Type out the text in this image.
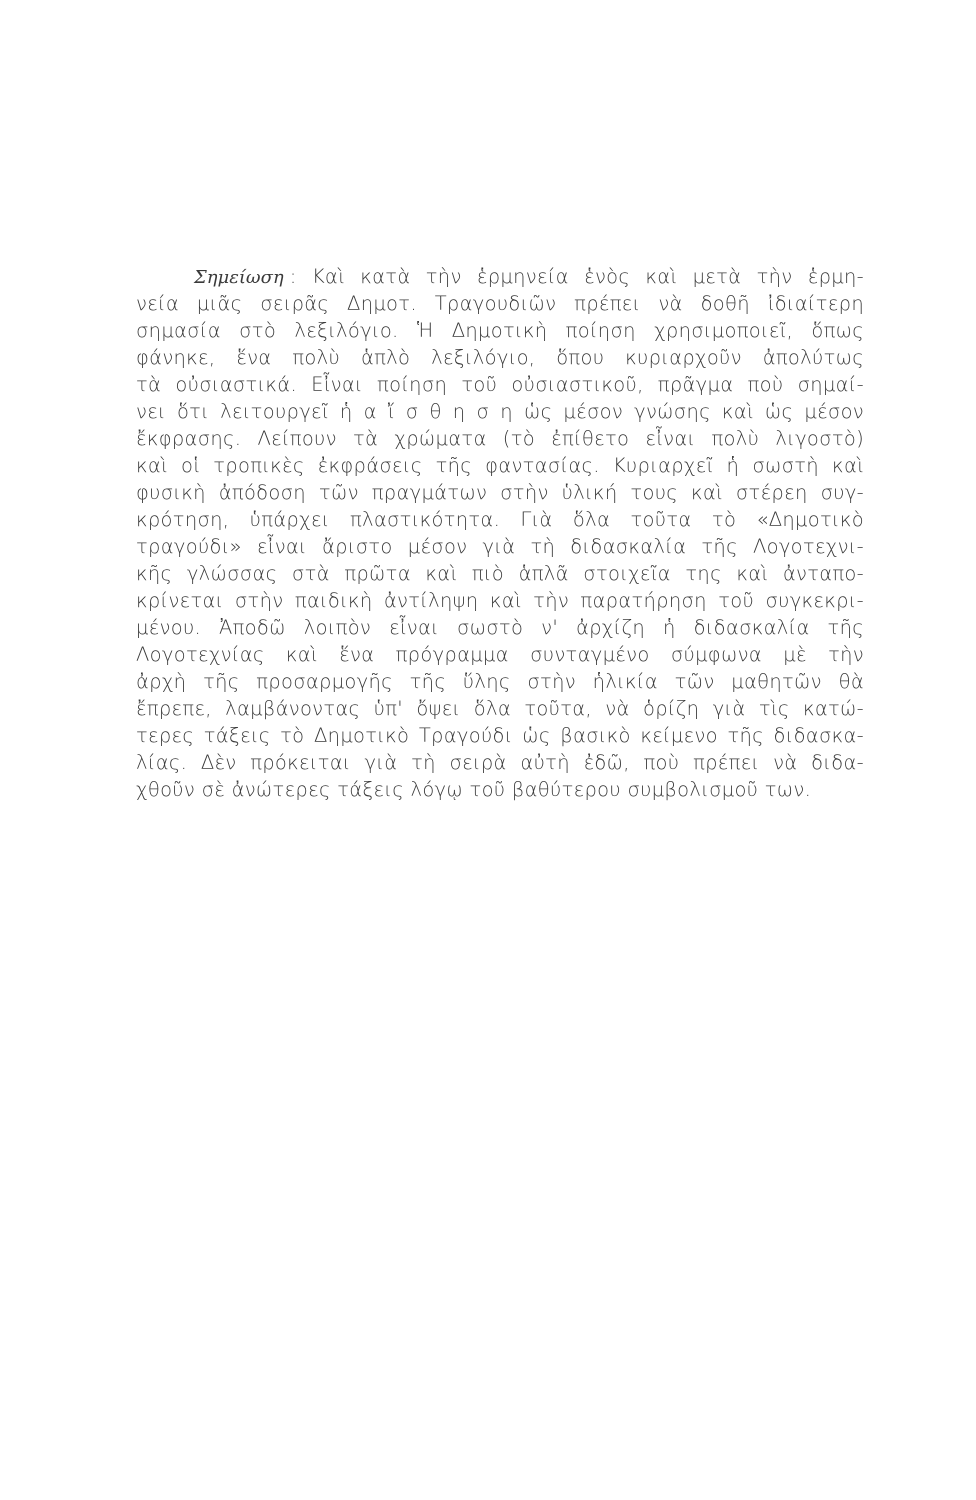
Σημείωση : Καὶ κατὰ τὴν ἑρμηνεία ἑνὸς καὶ μετὰ τὴν ἑρμη-
νεία μιᾶς σειρᾶς Δημοτ. Τραγουδιῶν πρέπει νὰ δοθῆ ἰδιαίτερη
σημασία στὸ λεξιλόγιο. Ἡ Δημοτικὴ ποίηση χρησιμοποιεῖ, ὅπως
φάνηκε, ἕνα πολὺ ἁπλὸ λεξιλόγιο, ὅπου κυριαρχοῦν ἀπολύτως
τὰ οὐσιαστικά. Εἶναι ποίηση τοῦ οὐσιαστικοῦ, πρᾶγμα ποὺ σημαί-
νει ὅτι λειτουργεῖ ἡ α ἴ σ θ η σ η ὡς μέσον γνώσης καὶ ὡς μέσον
ἔκφρασης. Λείπουν τὰ χρώματα (τὸ ἐπίθετο εἶναι πολὺ λιγοστὸ)
καὶ οἱ τροπικὲς ἐκφράσεις τῆς φαντασίας. Κυριαρχεῖ ἡ σωστὴ καὶ
φυσικὴ ἀπόδοση τῶν πραγμάτων στὴν ὑλική τους καὶ στέρεη συγ-
κρότηση, ὑπάρχει πλαστικότητα. Γιὰ ὅλα τοῦτα τὸ «Δημοτικὸ
τραγούδι» εἶναι ἄριστο μέσον γιὰ τὴ διδασκαλία τῆς Λογοτεχνι-
κῆς γλώσσας στὰ πρῶτα καὶ πιὸ ἁπλᾶ στοιχεῖα της καὶ ἀνταπο-
κρίνεται στὴν παιδικὴ ἀντίληψη καὶ τὴν παρατήρηση τοῦ συγκεκρι-
μένου. Ἀποδῶ λοιπὸν εἶναι σωστὸ ν' ἀρχίζη ἡ διδασκαλία τῆς
Λογοτεχνίας καὶ ἕνα πρόγραμμα συνταγμένο σύμφωνα μὲ τὴν
ἀρχὴ τῆς προσαρμογῆς τῆς ὕλης στὴν ἡλικία τῶν μαθητῶν θὰ
ἔπρεπε, λαμβάνοντας ὑπ' ὄψει ὅλα τοῦτα, νὰ ὁρίζη γιὰ τὶς κατώ-
τερες τάξεις τὸ Δημοτικὸ Τραγούδι ὡς βασικὸ κείμενο τῆς διδασκα-
λίας. Δὲν πρόκειται γιὰ τὴ σειρὰ αὐτὴ ἐδῶ, ποὺ πρέπει νὰ διδα-
χθοῦν σὲ ἀνώτερες τάξεις λόγῳ τοῦ βαθύτερου συμβολισμοῦ των.
